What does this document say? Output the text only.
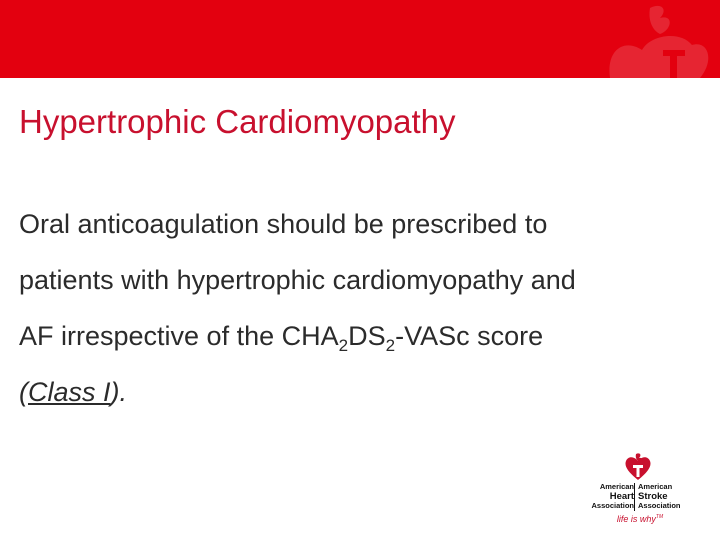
Hypertrophic Cardiomyopathy

Oral anticoagulation should be prescribed to

patients with hypertrophic cardiomyopathy and

AF irrespective of the $CHA_2DS_2$-VASc score

(Class I).

American
Heart
Association
American
Stroke
Association
life is why™
